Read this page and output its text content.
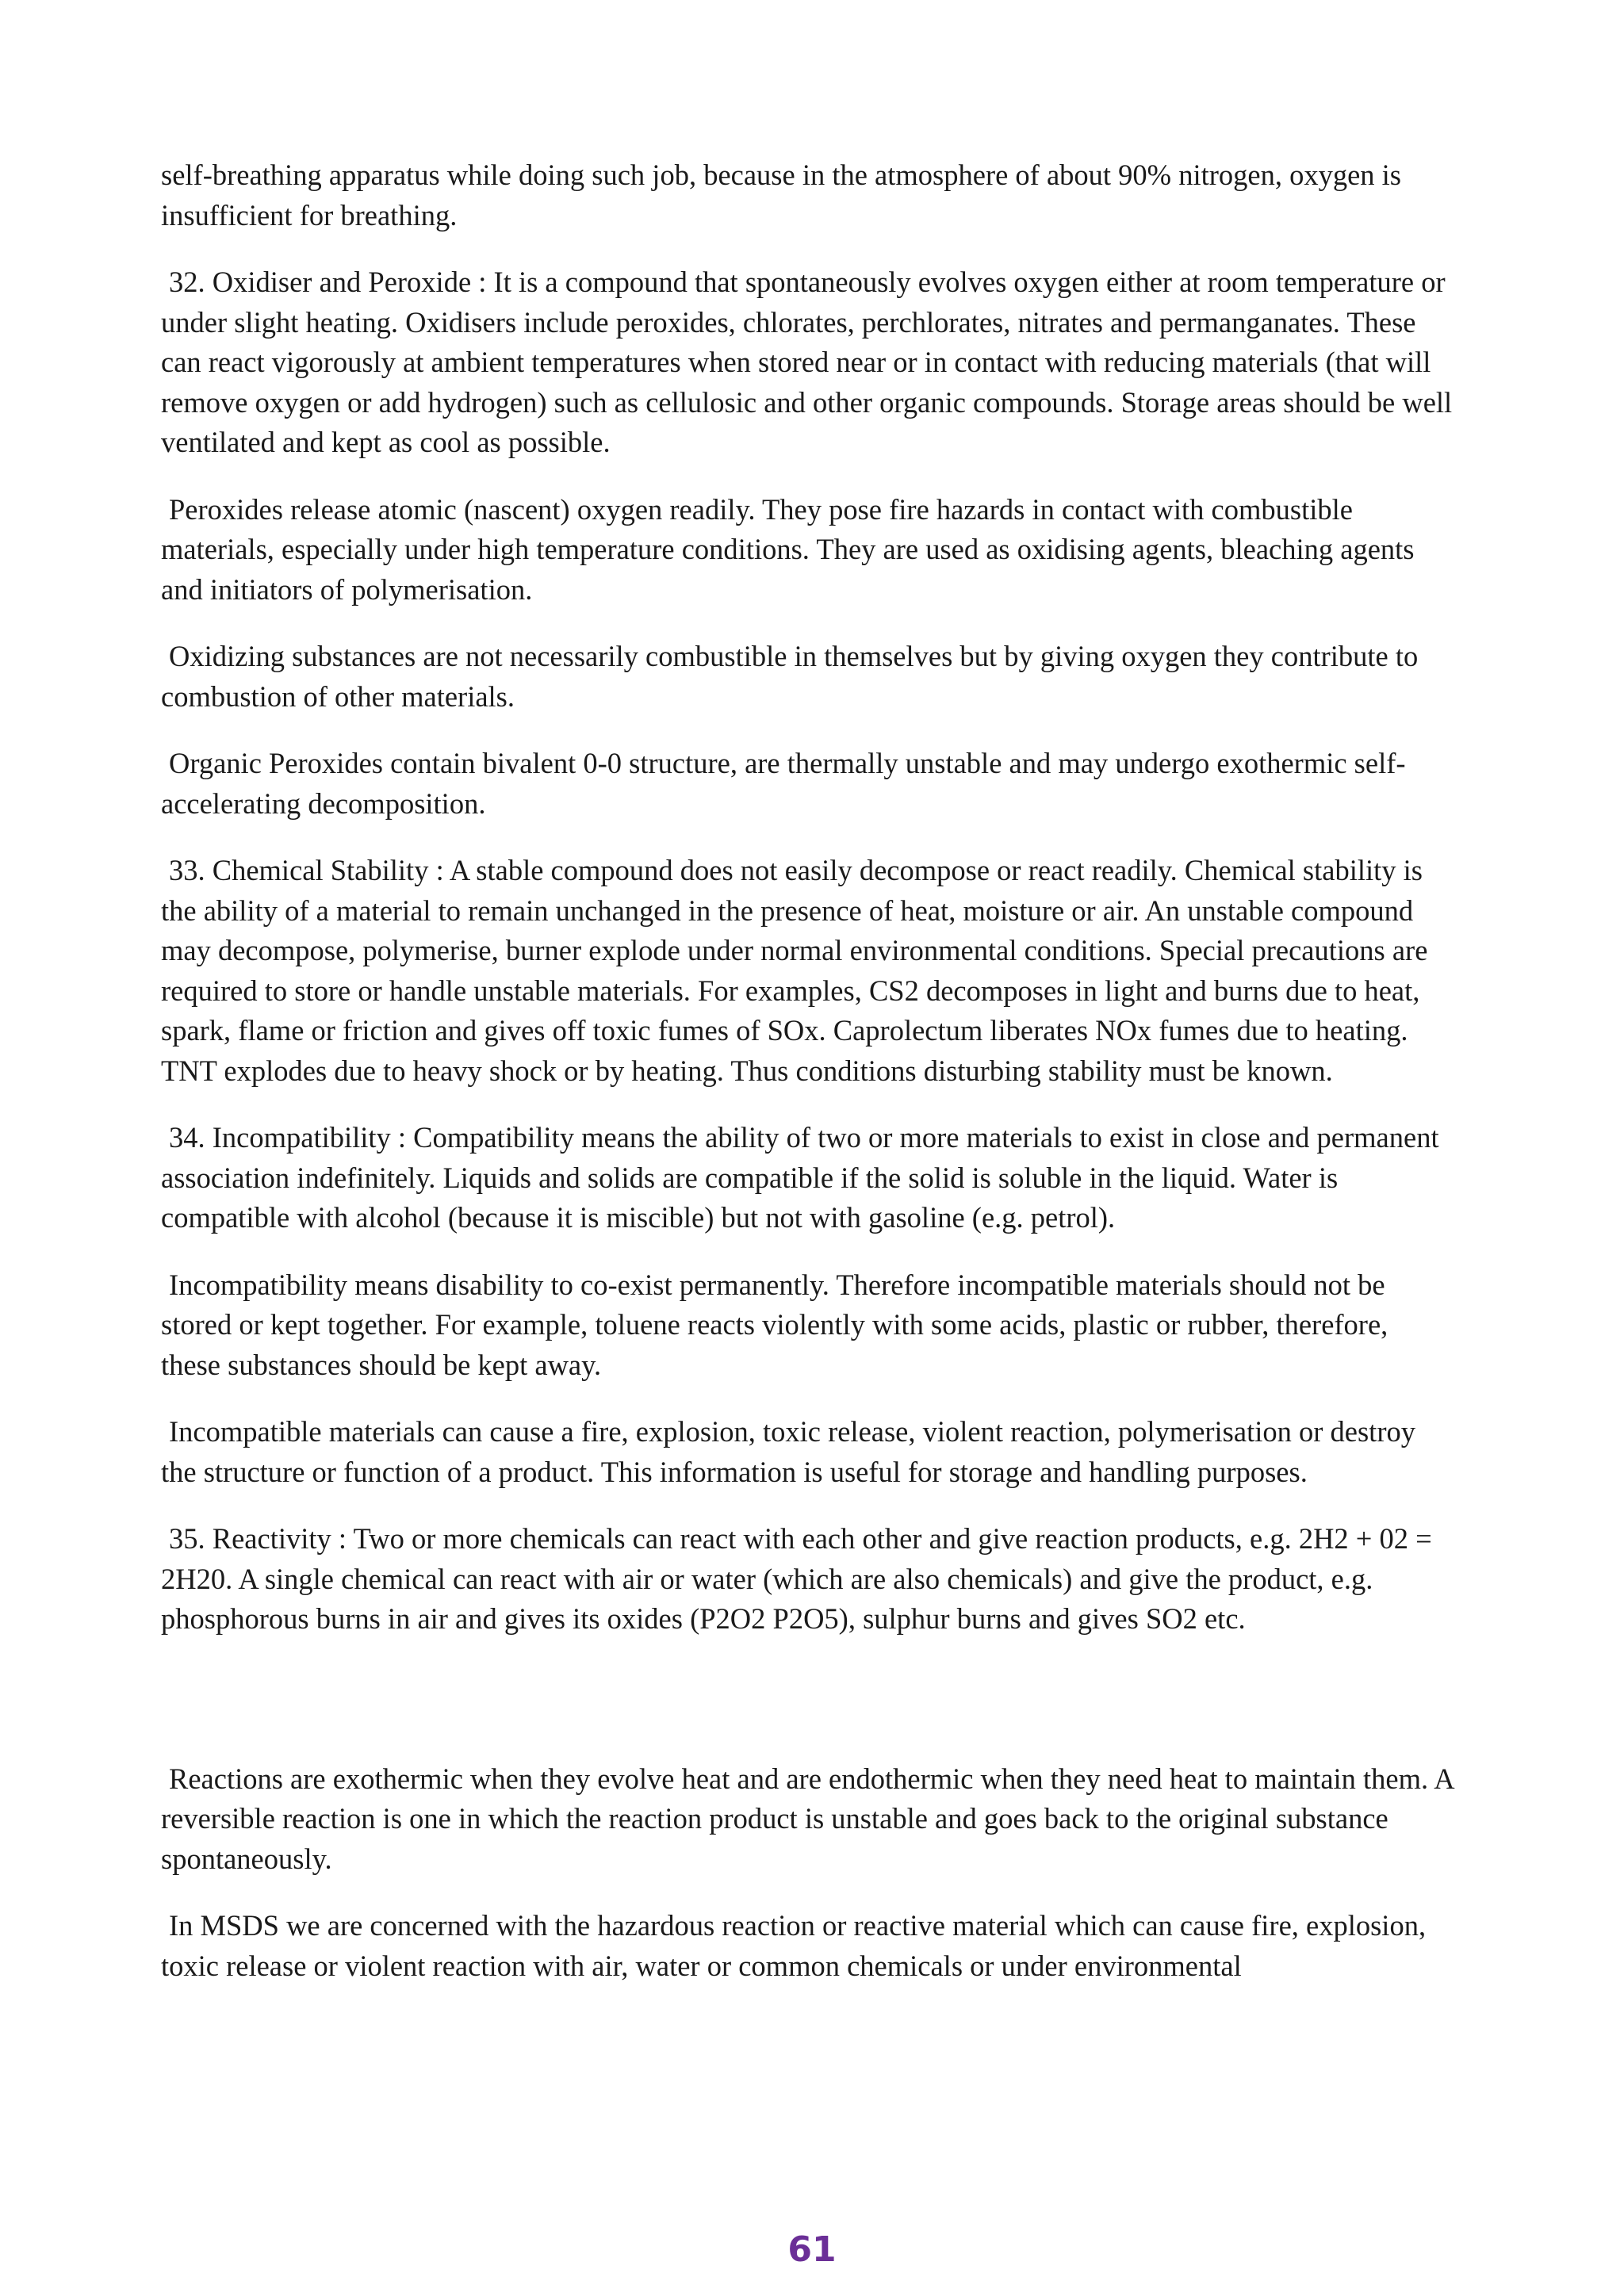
self-breathing apparatus while doing such job, because in the atmosphere of about 90% nitrogen, oxygen is insufficient for breathing.

32. Oxidiser and Peroxide : It is a compound that spontaneously evolves oxygen either at room temperature or under slight heating. Oxidisers include peroxides, chlorates, perchlorates, nitrates and permanganates. These can react vigorously at ambient temperatures when stored near or in contact with reducing materials (that will remove oxygen or add hydrogen) such as cellulosic and other organic compounds. Storage areas should be well ventilated and kept as cool as possible.

Peroxides release atomic (nascent) oxygen readily. They pose fire hazards in contact with combustible materials, especially under high temperature conditions. They are used as oxidising agents, bleaching agents and initiators of polymerisation.

Oxidizing substances are not necessarily combustible in themselves but by giving oxygen they contribute to combustion of other materials.

Organic Peroxides contain bivalent 0-0 structure, are thermally unstable and may undergo exothermic self-accelerating decomposition.

33. Chemical Stability : A stable compound does not easily decompose or react readily. Chemical stability is the ability of a material to remain unchanged in the presence of heat, moisture or air. An unstable compound may decompose, polymerise, burner explode under normal environmental conditions. Special precautions are required to store or handle unstable materials. For examples, CS2 decomposes in light and burns due to heat, spark, flame or friction and gives off toxic fumes of SOx. Caprolectum liberates NOx fumes due to heating. TNT explodes due to heavy shock or by heating. Thus conditions disturbing stability must be known.

34. Incompatibility : Compatibility means the ability of two or more materials to exist in close and permanent association indefinitely. Liquids and solids are compatible if the solid is soluble in the liquid. Water is compatible with alcohol (because it is miscible) but not with gasoline (e.g. petrol).

Incompatibility means disability to co-exist permanently. Therefore incompatible materials should not be stored or kept together. For example, toluene reacts violently with some acids, plastic or rubber, therefore, these substances should be kept away.

Incompatible materials can cause a fire, explosion, toxic release, violent reaction, polymerisation or destroy the structure or function of a product. This information is useful for storage and handling purposes.

35. Reactivity : Two or more chemicals can react with each other and give reaction products, e.g. 2H2 + 02 = 2H20. A single chemical can react with air or water (which are also chemicals) and give the product, e.g. phosphorous burns in air and gives its oxides (P2O2 P2O5), sulphur burns and gives SO2 etc.

Reactions are exothermic when they evolve heat and are endothermic when they need heat to maintain them. A reversible reaction is one in which the reaction product is unstable and goes back to the original substance spontaneously.

In MSDS we are concerned with the hazardous reaction or reactive material which can cause fire, explosion, toxic release or violent reaction with air, water or common chemicals or under environmental

61
